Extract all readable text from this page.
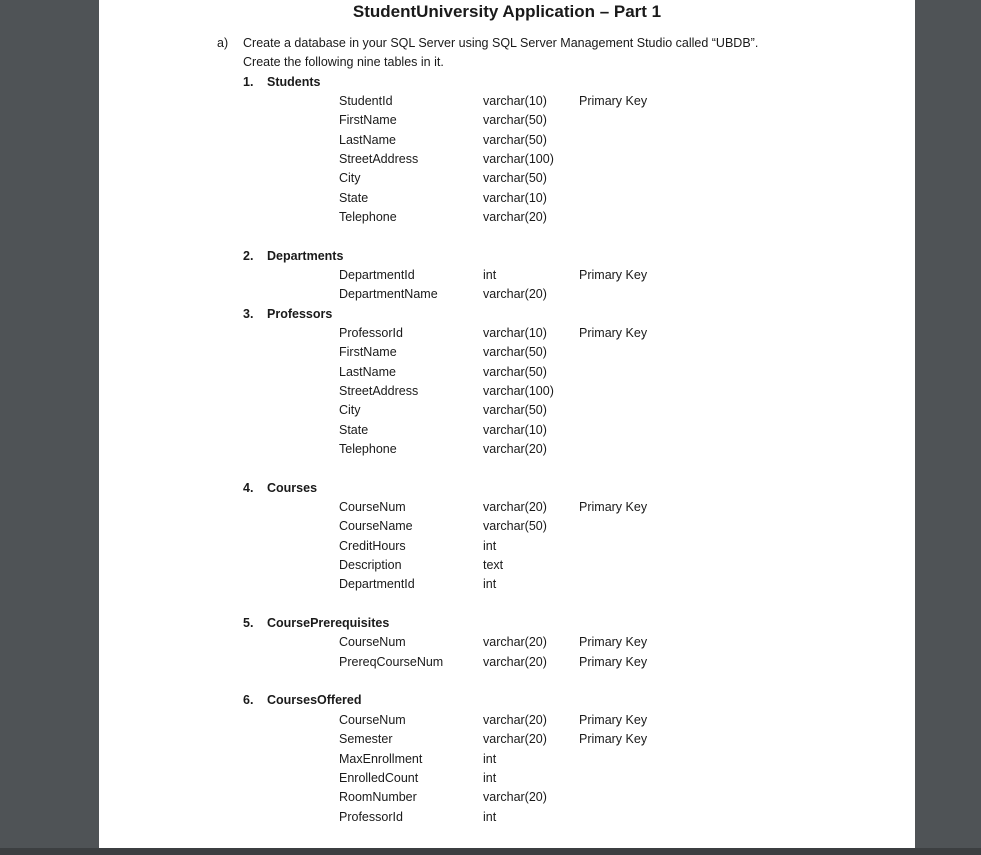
StudentUniversity Application – Part 1
a) Create a database in your SQL Server using SQL Server Management Studio called “UBDB”.
Create the following nine tables in it.
1. Students
StudentId	varchar(10)	Primary Key
FirstName	varchar(50)
LastName	varchar(50)
StreetAddress	varchar(100)
City	varchar(50)
State	varchar(10)
Telephone	varchar(20)
2. Departments
DepartmentId	int	Primary Key
DepartmentName	varchar(20)
3. Professors
ProfessorId	varchar(10)	Primary Key
FirstName	varchar(50)
LastName	varchar(50)
StreetAddress	varchar(100)
City	varchar(50)
State	varchar(10)
Telephone	varchar(20)
4. Courses
CourseNum	varchar(20)	Primary Key
CourseName	varchar(50)
CreditHours	int
Description	text
DepartmentId	int
5. CoursePrerequisites
CourseNum	varchar(20)	Primary Key
PrereqCourseNum	varchar(20)	Primary Key
6. CoursesOffered
CourseNum	varchar(20)	Primary Key
Semester	varchar(20)	Primary Key
MaxEnrollment	int
EnrolledCount	int
RoomNumber	varchar(20)
ProfessorId	int
